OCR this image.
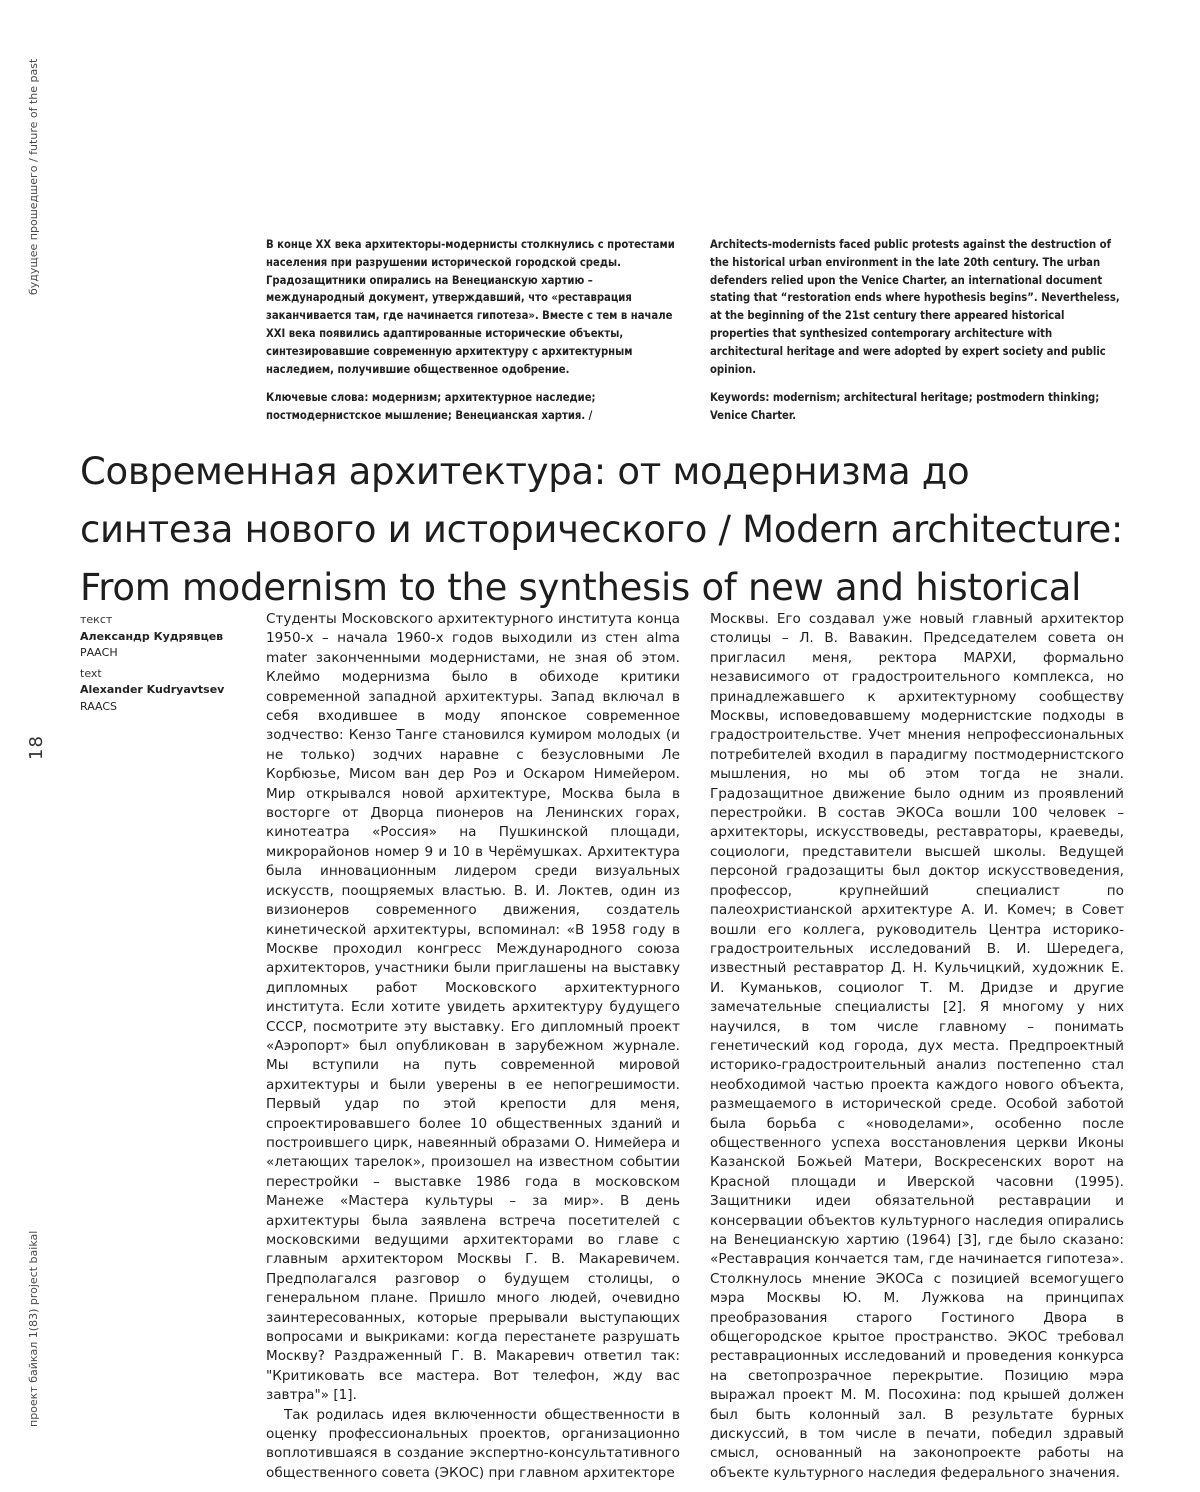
будущее прошедшего / future of the past
18
проект байкал 1(83) project baikal

В конце XX века архитекторы-модернисты столкнулись с протестами населения при разрушении исторической городской среды. Градозащитники опирались на Венецианскую хартию – международный документ, утверждавший, что «реставрация заканчивается там, где начинается гипотеза». Вместе с тем в начале XXI века появились адаптированные исторические объекты, синтезировавшие современную архитектуру с архитектурным наследием, получившие общественное одобрение.

Ключевые слова: модернизм; архитектурное наследие; постмодернистское мышление; Венецианская хартия. /

Architects-modernists faced public protests against the destruction of the historical urban environment in the late 20th century. The urban defenders relied upon the Venice Charter, an international document stating that “restoration ends where hypothesis begins”. Nevertheless, at the beginning of the 21st century there appeared historical properties that synthesized contemporary architecture with architectural heritage and were adopted by expert society and public opinion.

Keywords: modernism; architectural heritage; postmodern thinking; Venice Charter.

Современная архитектура: от модернизма до синтеза нового и исторического / Modern architecture: From modernism to the synthesis of new and historical
текст
Александр Кудрявцев
РААСН
text
Alexander Kudryavtsev
RAACS

Студенты Московского архитектурного института конца 1950-х – начала 1960-х годов выходили из стен alma mater законченными модернистами, не зная об этом. Клеймо модернизма было в обиходе критики современной западной архитектуры. Запад включал в себя входившее в моду японское современное зодчество: Кензо Танге становился кумиром молодых (и не только) зодчих наравне с безусловными Ле Корбюзье, Мисом ван дер Роэ и Оскаром Нимейером. Мир открывался новой архитектуре, Москва была в восторге от Дворца пионеров на Ленинских горах, кинотеатра «Россия» на Пушкинской площади, микрорайонов номер 9 и 10 в Черёмушках. Архитектура была инновационным лидером среди визуальных искусств, поощряемых властью. В. И. Локтев, один из визионеров современного движения, создатель кинетической архитектуры, вспоминал: «В 1958 году в Москве проходил конгресс Международного союза архитекторов, участники были приглашены на выставку дипломных работ Московского архитектурного института. Если хотите увидеть архитектуру будущего СССР, посмотрите эту выставку. Его дипломный проект «Аэропорт» был опубликован в зарубежном журнале. Мы вступили на путь современной мировой архитектуры и были уверены в ее непогрешимости. Первый удар по этой крепости для меня, спроектировавшего более 10 общественных зданий и построившего цирк, навеянный образами О. Нимейера и «летающих тарелок», произошел на известном событии перестройки – выставке 1986 года в московском Манеже «Мастера культуры – за мир». В день архитектуры была заявлена встреча посетителей с московскими ведущими архитекторами во главе с главным архитектором Москвы Г. В. Макаревичем. Предполагался разговор о будущем столицы, о генеральном плане. Пришло много людей, очевидно заинтересованных, которые прерывали выступающих вопросами и выкриками: когда перестанете разрушать Москву? Раздраженный Г. В. Макаревич ответил так: "Критиковать все мастера. Вот телефон, жду вас завтра"» [1].

Так родилась идея включенности общественности в оценку профессиональных проектов, организационно воплотившаяся в создание экспертно-консультативного общественного совета (ЭКОС) при главном архитекторе

Москвы. Его создавал уже новый главный архитектор столицы – Л. В. Вавакин. Председателем совета он пригласил меня, ректора МАРХИ, формально независимого от градостроительного комплекса, но принадлежавшего к архитектурному сообществу Москвы, исповедовавшему модернистские подходы в градостроительстве. Учет мнения непрофессиональных потребителей входил в парадигму постмодернистского мышления, но мы об этом тогда не знали. Градозащитное движение было одним из проявлений перестройки. В состав ЭКОСа вошли 100 человек – архитекторы, искусствоведы, реставраторы, краеведы, социологи, представители высшей школы. Ведущей персоной градозащиты был доктор искусствоведения, профессор, крупнейший специалист по палеохристианской архитектуре А. И. Комеч; в Совет вошли его коллега, руководитель Центра историко-градостроительных исследований В. И. Шередега, известный реставратор Д. Н. Кульчицкий, художник Е. И. Куманьков, социолог Т. М. Дридзе и другие замечательные специалисты [2]. Я многому у них научился, в том числе главному – понимать генетический код города, дух места. Предпроектный историко-градостроительный анализ постепенно стал необходимой частью проекта каждого нового объекта, размещаемого в исторической среде. Особой заботой была борьба с «новоделами», особенно после общественного успеха восстановления церкви Иконы Казанской Божьей Матери, Воскресенских ворот на Красной площади и Иверской часовни (1995). Защитники идеи обязательной реставрации и консервации объектов культурного наследия опирались на Венецианскую хартию (1964) [3], где было сказано: «Реставрация кончается там, где начинается гипотеза». Столкнулось мнение ЭКОСа с позицией всемогущего мэра Москвы Ю. М. Лужкова на принципах преобразования старого Гостиного Двора в общегородское крытое пространство. ЭКОС требовал реставрационных исследований и проведения конкурса на светопрозрачное перекрытие. Позицию мэра выражал проект М. М. Посохина: под крышей должен был быть колонный зал. В результате бурных дискуссий, в том числе в печати, победил здравый смысл, основанный на законопроекте работы на объекте культурного наследия федерального значения.
